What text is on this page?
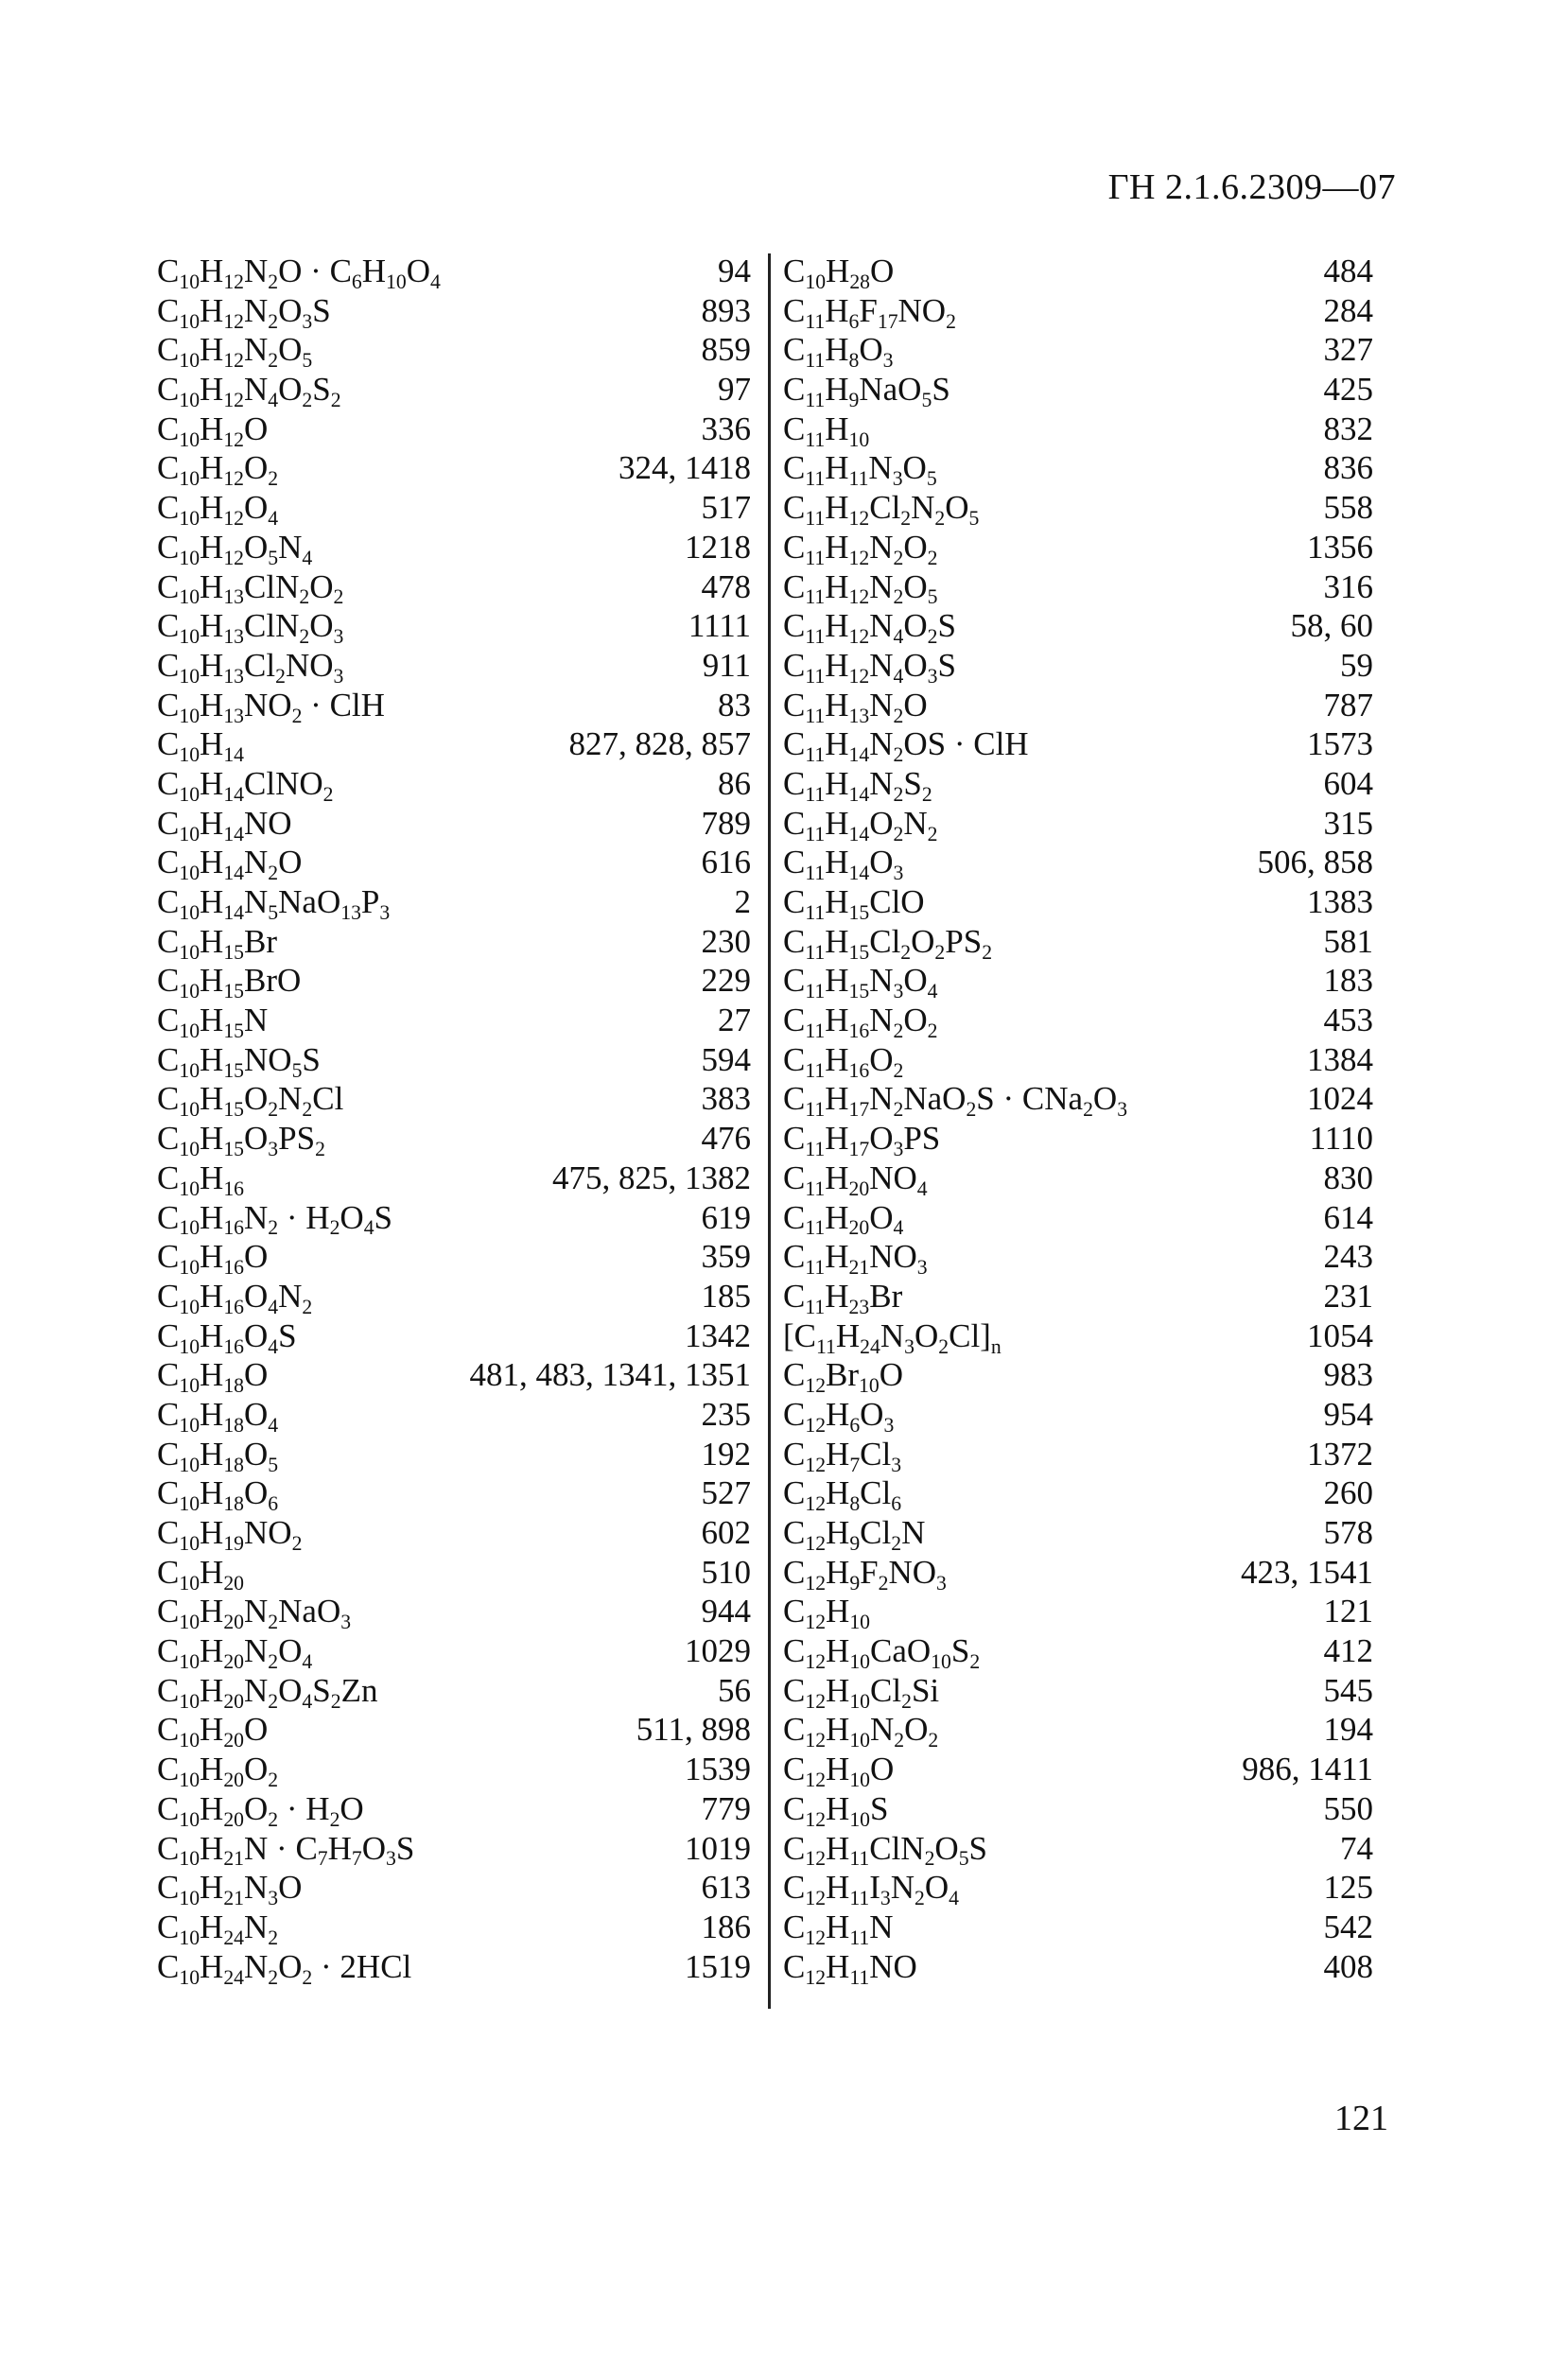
ГН 2.1.6.2309—07
$C_{10}H_{12}N_2O \cdot C_6H_{10}O_4$	94
$C_{10}H_{12}N_2O_3S$	893
$C_{10}H_{12}N_2O_5$	859
$C_{10}H_{12}N_4O_2S_2$	97
$C_{10}H_{12}O$	336
$C_{10}H_{12}O_2$	324, 1418
$C_{10}H_{12}O_4$	517
$C_{10}H_{12}O_5N_4$	1218
$C_{10}H_{13}ClN_2O_2$	478
$C_{10}H_{13}ClN_2O_3$	1111
$C_{10}H_{13}Cl_2NO_3$	911
$C_{10}H_{13}NO_2$ · ClH	83
$C_{10}H_{14}$	827, 828, 857
$C_{10}H_{14}ClNO_2$	86
$C_{10}H_{14}NO$	789
$C_{10}H_{14}N_2O$	616
$C_{10}H_{14}N_5NaO_{13}P_3$	2
$C_{10}H_{15}Br$	230
$C_{10}H_{15}BrO$	229
$C_{10}H_{15}N$	27
$C_{10}H_{15}NO_5S$	594
$C_{10}H_{15}O_2N_2Cl$	383
$C_{10}H_{15}O_3PS_2$	476
$C_{10}H_{16}$	475, 825, 1382
$C_{10}H_{16}N_2 \cdot H_2O_4S$	619
$C_{10}H_{16}O$	359
$C_{10}H_{16}O_4N_2$	185
$C_{10}H_{16}O_4S$	1342
$C_{10}H_{18}O$	481, 483, 1341, 1351
$C_{10}H_{18}O_4$	235
$C_{10}H_{18}O_5$	192
$C_{10}H_{18}O_6$	527
$C_{10}H_{19}NO_2$	602
$C_{10}H_{20}$	510
$C_{10}H_{20}N_2NaO_3$	944
$C_{10}H_{20}N_2O_4$	1029
$C_{10}H_{20}N_2O_4S_2Zn$	56
$C_{10}H_{20}O$	511, 898
$C_{10}H_{20}O_2$	1539
$C_{10}H_{20}O_2 \cdot H_2O$	779
$C_{10}H_{21}N \cdot C_7H_7O_3S$	1019
$C_{10}H_{21}N_3O$	613
$C_{10}H_{24}N_2$	186
$C_{10}H_{24}N_2O_2 \cdot 2HCl$	1519
$C_{10}H_{28}O$	484
$C_{11}H_6F_{17}NO_2$	284
$C_{11}H_8O_3$	327
$C_{11}H_9NaO_5S$	425
$C_{11}H_{10}$	832
$C_{11}H_{11}N_3O_5$	836
$C_{11}H_{12}Cl_2N_2O_5$	558
$C_{11}H_{12}N_2O_2$	1356
$C_{11}H_{12}N_2O_5$	316
$C_{11}H_{12}N_4O_2S$	58, 60
$C_{11}H_{12}N_4O_3S$	59
$C_{11}H_{13}N_2O$	787
$C_{11}H_{14}N_2OS$ · ClH	1573
$C_{11}H_{14}N_2S_2$	604
$C_{11}H_{14}O_2N_2$	315
$C_{11}H_{14}O_3$	506, 858
$C_{11}H_{15}ClO$	1383
$C_{11}H_{15}Cl_2O_2PS_2$	581
$C_{11}H_{15}N_3O_4$	183
$C_{11}H_{16}N_2O_2$	453
$C_{11}H_{16}O_2$	1384
$C_{11}H_{17}N_2NaO_2S \cdot CNa_2O_3$	1024
$C_{11}H_{17}O_3PS$	1110
$C_{11}H_{20}NO_4$	830
$C_{11}H_{20}O_4$	614
$C_{11}H_{21}NO_3$	243
$C_{11}H_{23}Br$	231
$[C_{11}H_{24}N_3O_2Cl]_n$	1054
$C_{12}Br_{10}O$	983
$C_{12}H_6O_3$	954
$C_{12}H_7Cl_3$	1372
$C_{12}H_8Cl_6$	260
$C_{12}H_9Cl_2N$	578
$C_{12}H_9F_2NO_3$	423, 1541
$C_{12}H_{10}$	121
$C_{12}H_{10}CaO_{10}S_2$	412
$C_{12}H_{10}Cl_2Si$	545
$C_{12}H_{10}N_2O_2$	194
$C_{12}H_{10}O$	986, 1411
$C_{12}H_{10}S$	550
$C_{12}H_{11}ClN_2O_5S$	74
$C_{12}H_{11}I_3N_2O_4$	125
$C_{12}H_{11}N$	542
$C_{12}H_{11}NO$	408
121
